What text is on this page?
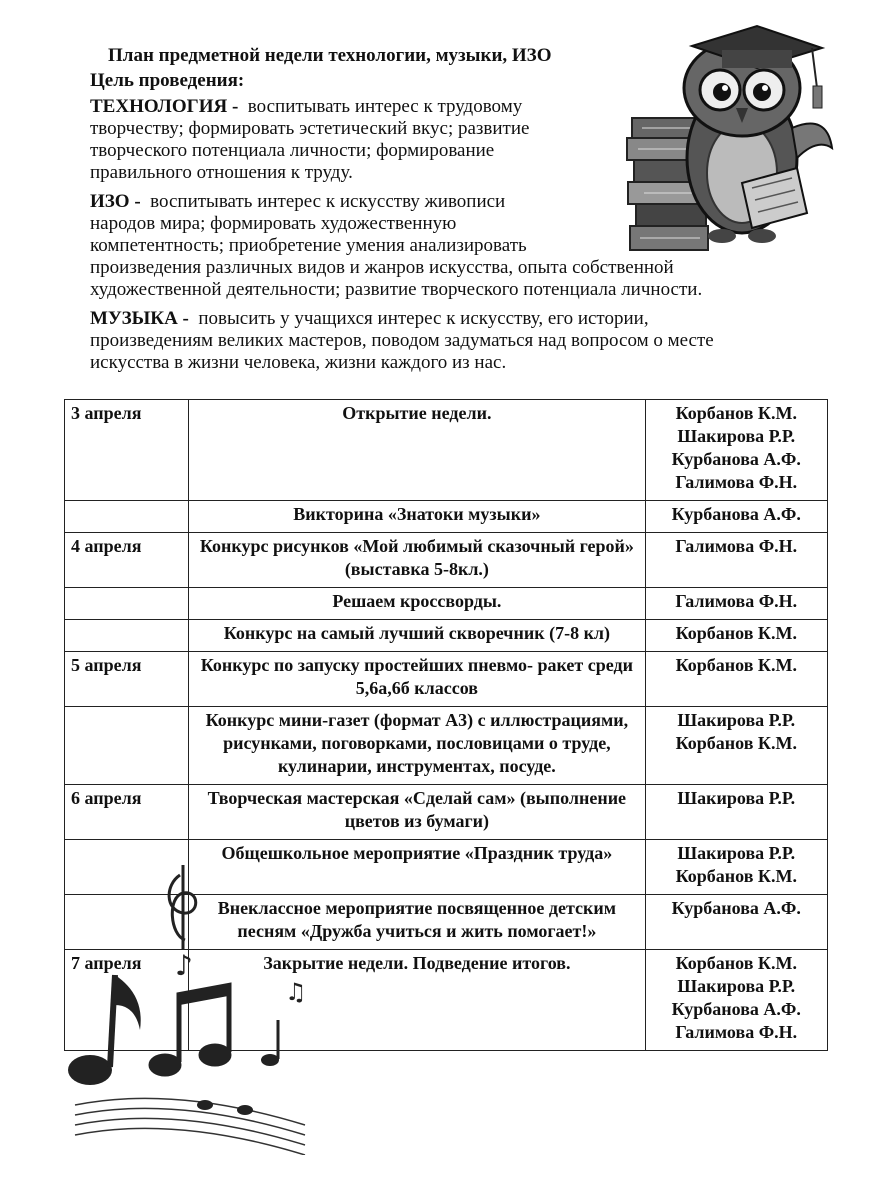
План предметной недели технологии, музыки, ИЗО
Цель проведения:
ТЕХНОЛОГИЯ - воспитывать интерес к трудовому
творчеству; формировать эстетический вкус; развитие
творческого потенциала личности; формирование
правильного отношения к труду.
ИЗО - воспитывать интерес к искусству живописи
народов мира; формировать художественную
компетентность; приобретение умения анализировать
произведения различных видов и жанров искусства, опыта собственной
художественной деятельности; развитие творческого потенциала личности.
МУЗЫКА - повысить у учащихся интерес к искусству, его истории,
произведениям великих мастеров, поводом задуматься над вопросом о месте
искусства в жизни человека, жизни каждого из нас.
3 апреля	Открытие недели.	Корбанов К.М.
Шакирова Р.Р.
Курбанова А.Ф.
Галимова Ф.Н.

	Викторина «Знатоки музыки»	Курбанова А.Ф.

4 апреля	Конкурс рисунков «Мой любимый сказочный герой» (выставка 5-8кл.)	Галимова Ф.Н.

	Решаем кроссворды.	Галимова Ф.Н.

	Конкурс на самый лучший скворечник (7-8 кл)	Корбанов К.М.

5 апреля	Конкурс по запуску простейших пневмо- ракет среди 5,6а,6б классов	Корбанов К.М.

	Конкурс мини-газет (формат А3) с иллюстрациями, рисунками, поговорками, пословицами о труде, кулинарии, инструментах, посуде.	Шакирова Р.Р.
Корбанов К.М.

6 апреля	Творческая мастерская «Сделай сам» (выполнение цветов из бумаги)	Шакирова Р.Р.

	Общешкольное мероприятие «Праздник труда»	Шакирова Р.Р.
Корбанов К.М.

	Внеклассное мероприятие посвященное детским песням «Дружба учиться и жить помогает!»	Курбанова А.Ф.

7 апреля	Закрытие недели. Подведение итогов.	Корбанов К.М.
Шакирова Р.Р.
Курбанова А.Ф.
Галимова Ф.Н.
♪
♫
